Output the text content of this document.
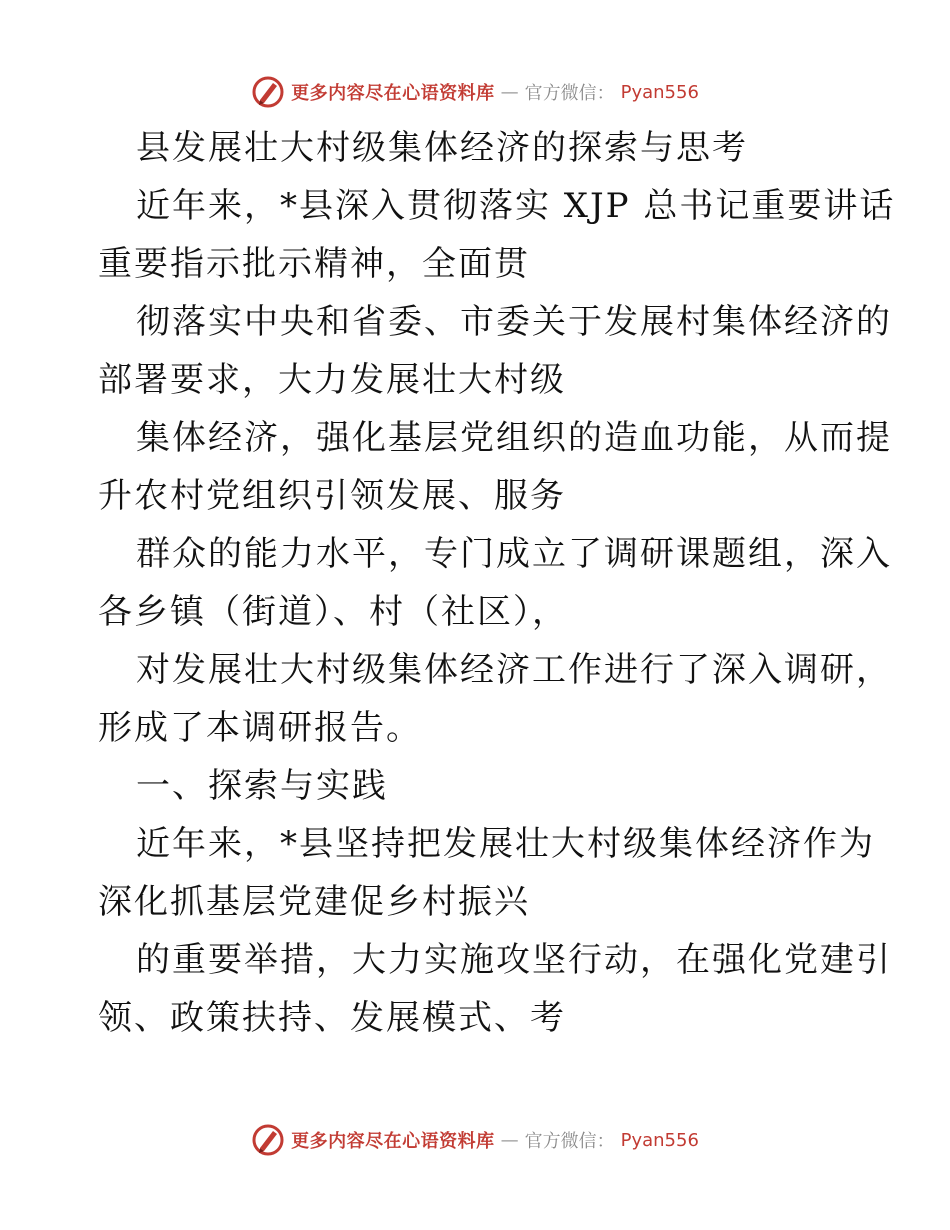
更多内容尽在心语资料库 — 官方微信： Pyan556
县发展壮大村级集体经济的探索与思考
近年来，*县深入贯彻落实 XJP 总书记重要讲话
重要指示批示精神，全面贯
彻落实中央和省委、市委关于发展村集体经济的
部署要求，大力发展壮大村级
集体经济，强化基层党组织的造血功能，从而提
升农村党组织引领发展、服务
群众的能力水平，专门成立了调研课题组，深入
各乡镇（街道）、村（社区），
对发展壮大村级集体经济工作进行了深入调研，
形成了本调研报告。
一、探索与实践
近年来，*县坚持把发展壮大村级集体经济作为
深化抓基层党建促乡村振兴
的重要举措，大力实施攻坚行动，在强化党建引
领、政策扶持、发展模式、考
更多内容尽在心语资料库 — 官方微信： Pyan556
